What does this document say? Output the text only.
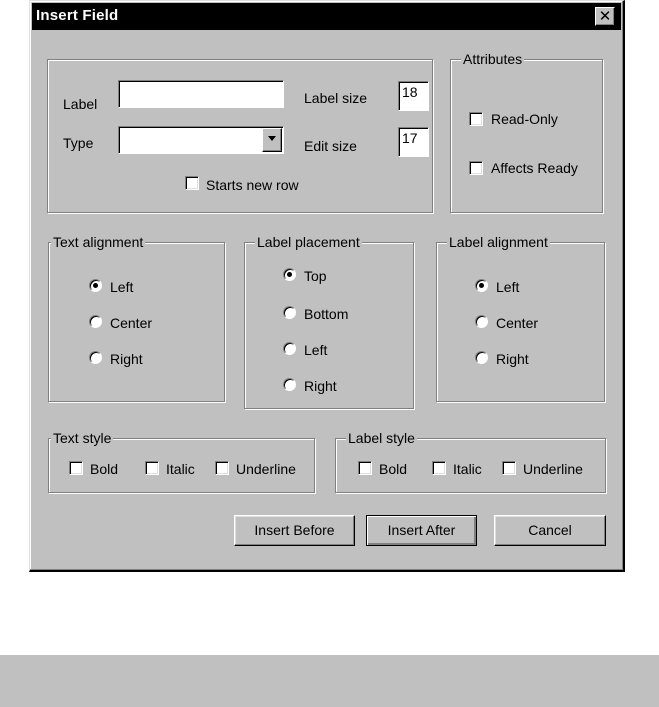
Insert Field	✕
Label
Type
Label size 18
Edit size	17
Starts new row
Attributes
Read-Only
Affects Ready
Text alignment
Left
Center
Right
Label placement
Top
Bottom
Left
Right
Label alignment
Left
Center
Right
Text style
Bold	Italic	Underline
Label style
Bold	Italic	Underline
Insert Before	Insert After	Cancel
